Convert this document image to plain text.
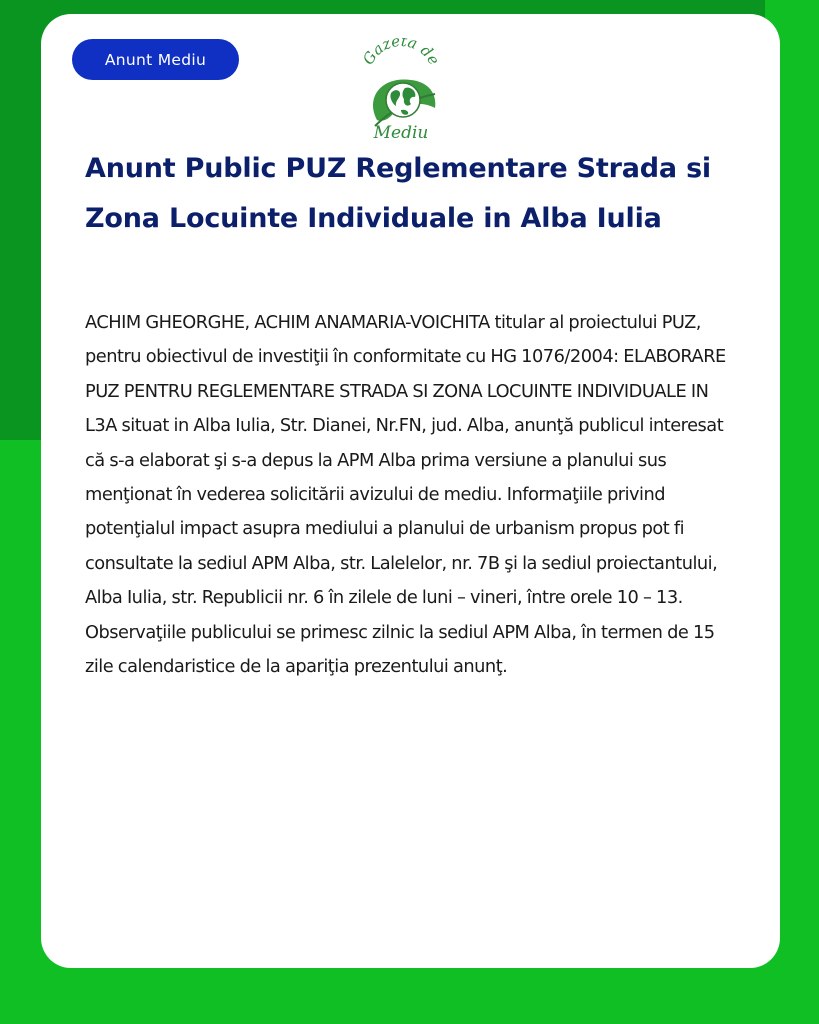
Anunt Mediu	Gazeta de
Mediu
Anunt Public PUZ Reglementare Strada si Zona Locuinte Individuale in Alba Iulia

ACHIM GHEORGHE, ACHIM ANAMARIA-VOICHITA titular al proiectului PUZ, pentru obiectivul de investiţii în conformitate cu HG 1076/2004: ELABORARE PUZ PENTRU REGLEMENTARE STRADA SI ZONA LOCUINTE INDIVIDUALE IN L3A situat in Alba Iulia, Str. Dianei, Nr.FN, jud. Alba, anunţă publicul interesat că s-a elaborat şi s-a depus la APM Alba prima versiune a planului sus menţionat în vederea solicitării avizului de mediu. Informaţiile privind potenţialul impact asupra mediului a planului de urbanism propus pot fi consultate la sediul APM Alba, str. Lalelelor, nr. 7B şi la sediul proiectantului, Alba Iulia, str. Republicii nr. 6 în zilele de luni – vineri, între orele 10 – 13. Observaţiile publicului se primesc zilnic la sediul APM Alba, în termen de 15 zile calendaristice de la apariţia prezentului anunţ.
